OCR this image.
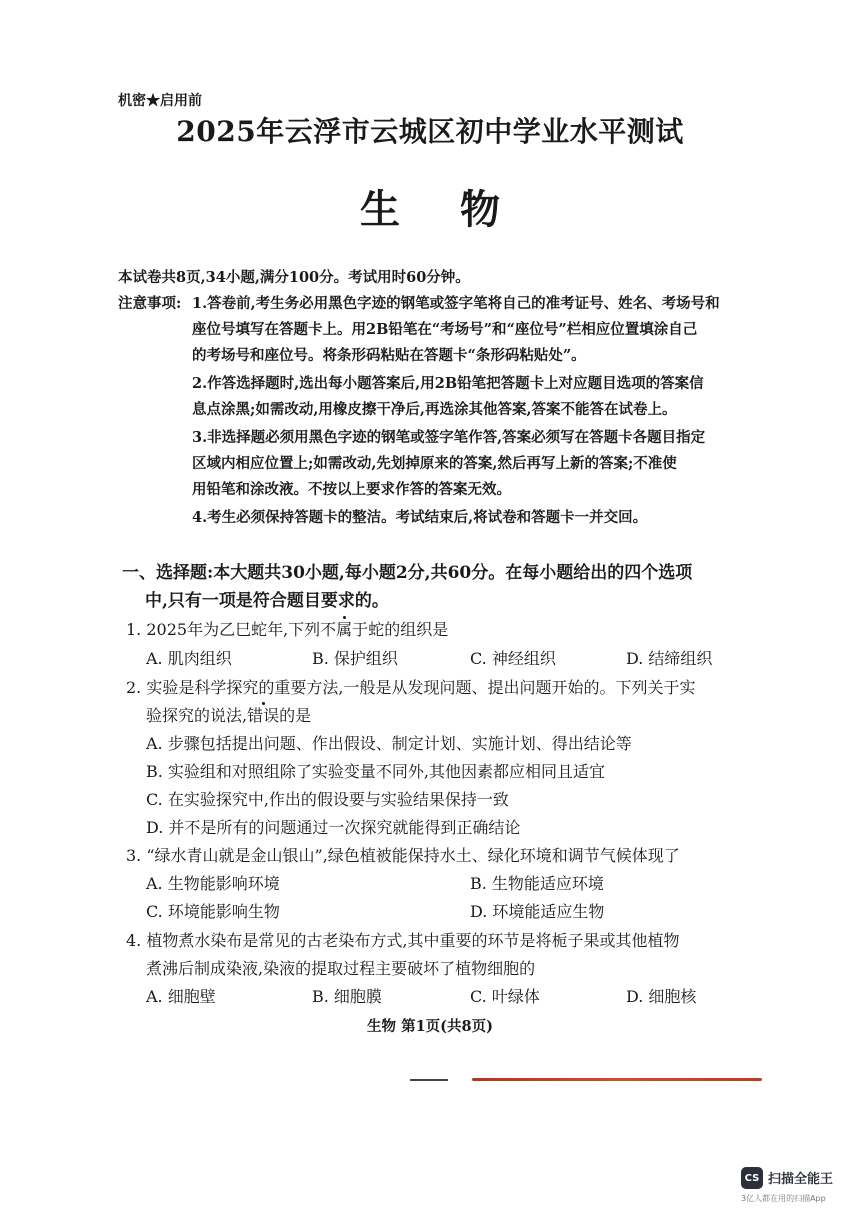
机密★启用前
2025年云浮市云城区初中学业水平测试
生物
本试卷共8页,34小题,满分100分。考试用时60分钟。
注意事项: 1.答卷前,考生务必用黑色字迹的钢笔或签字笔将自己的准考证号、姓名、考场号和
座位号填写在答题卡上。用2B铅笔在“考场号”和“座位号”栏相应位置填涂自己
的考场号和座位号。将条形码粘贴在答题卡“条形码粘贴处”。
2.作答选择题时,选出每小题答案后,用2B铅笔把答题卡上对应题目选项的答案信
息点涂黑;如需改动,用橡皮擦干净后,再选涂其他答案,答案不能答在试卷上。
3.非选择题必须用黑色字迹的钢笔或签字笔作答,答案必须写在答题卡各题目指定
区域内相应位置上;如需改动,先划掉原来的答案,然后再写上新的答案;不准使
用铅笔和涂改液。不按以上要求作答的答案无效。
4.考生必须保持答题卡的整洁。考试结束后,将试卷和答题卡一并交回。
一、选择题:本大题共30小题,每小题2分,共60分。在每小题给出的四个选项
中,只有一项是符合题目要求的。
1. 2025年为乙巳蛇年,下列不属于蛇的组织是
A. 肌肉组织	B. 保护组织	C. 神经组织	D. 结缔组织
2. 实验是科学探究的重要方法,一般是从发现问题、提出问题开始的。下列关于实
验探究的说法,错误的是
A. 步骤包括提出问题、作出假设、制定计划、实施计划、得出结论等
B. 实验组和对照组除了实验变量不同外,其他因素都应相同且适宜
C. 在实验探究中,作出的假设要与实验结果保持一致
D. 并不是所有的问题通过一次探究就能得到正确结论
3. “绿水青山就是金山银山”,绿色植被能保持水土、绿化环境和调节气候体现了
A. 生物能影响环境	B. 生物能适应环境
C. 环境能影响生物	D. 环境能适应生物
4. 植物煮水染布是常见的古老染布方式,其中重要的环节是将栀子果或其他植物
煮沸后制成染液,染液的提取过程主要破坏了植物细胞的
A. 细胞壁	B. 细胞膜	C. 叶绿体	D. 细胞核
生物 第1页(共8页)
CS 扫描全能王
3亿人都在用的扫描App
